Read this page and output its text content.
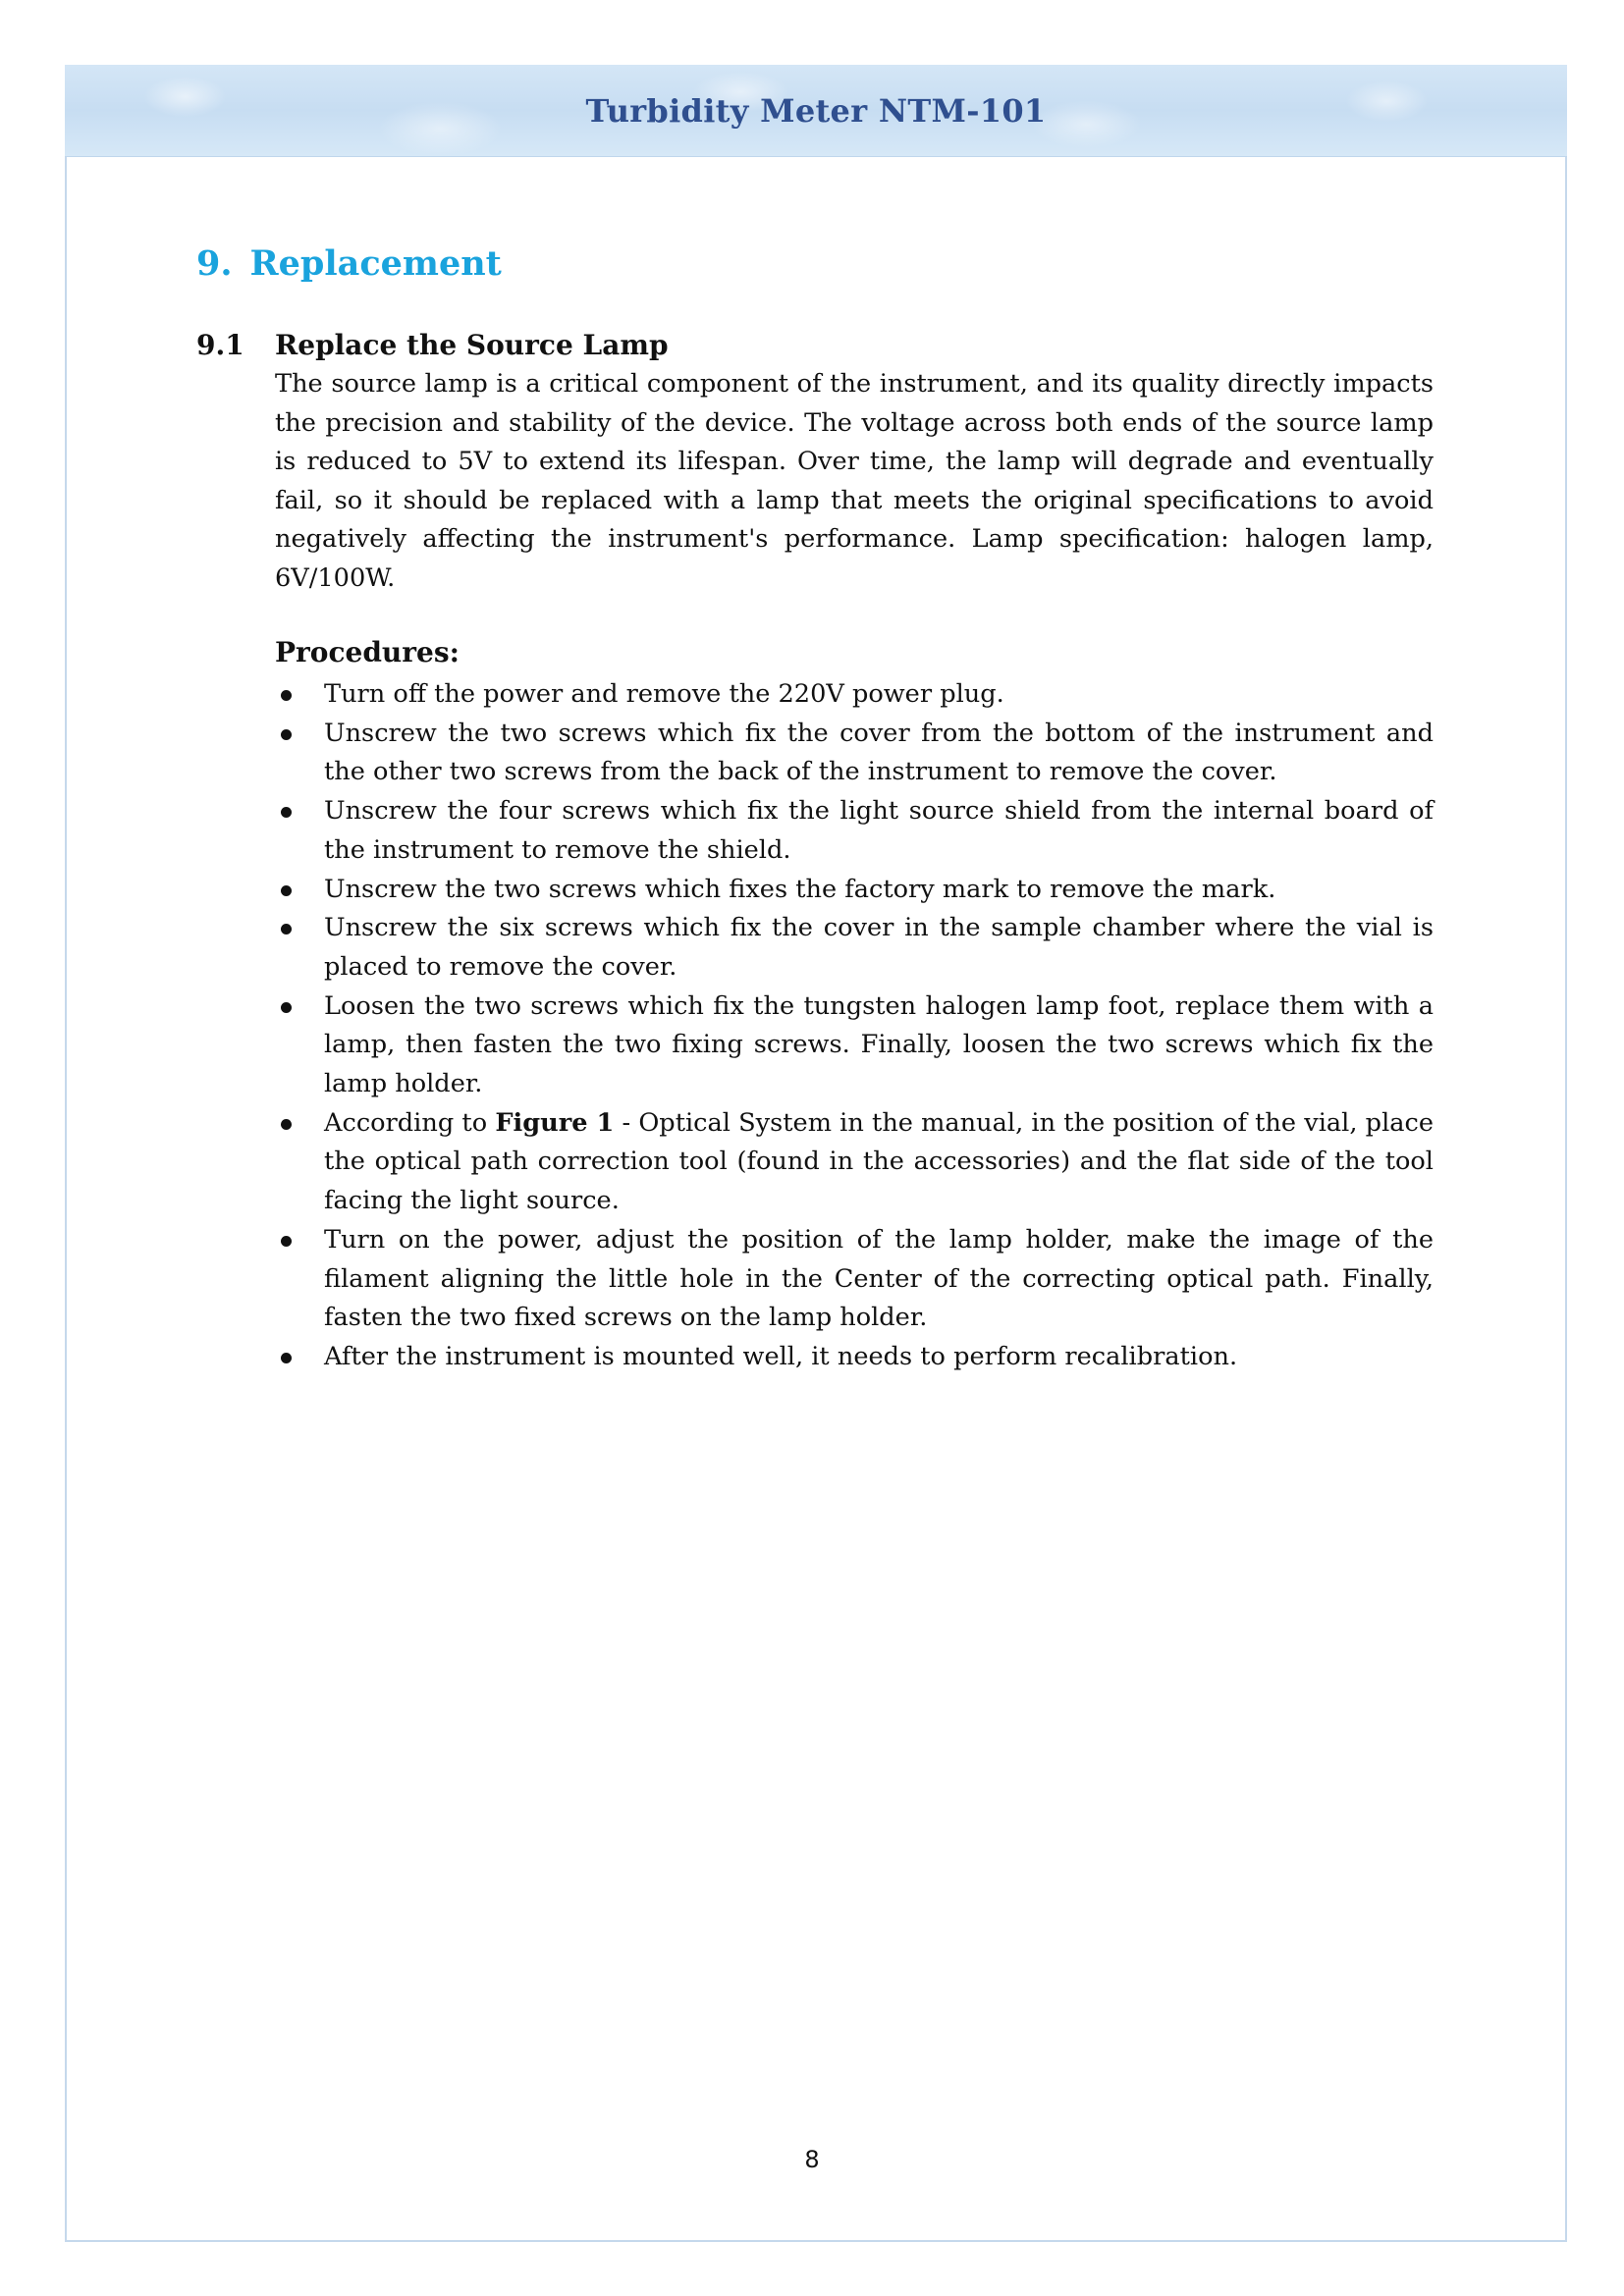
Turbidity Meter NTM-101
9. Replacement
9.1 Replace the Source Lamp

The source lamp is a critical component of the instrument, and its quality directly impacts the precision and stability of the device. The voltage across both ends of the source lamp is reduced to 5V to extend its lifespan. Over time, the lamp will degrade and eventually fail, so it should be replaced with a lamp that meets the original specifications to avoid negatively affecting the instrument's performance. Lamp specification: halogen lamp, 6V/100W.

Procedures:
Turn off the power and remove the 220V power plug.
Unscrew the two screws which fix the cover from the bottom of the instrument and the other two screws from the back of the instrument to remove the cover.
Unscrew the four screws which fix the light source shield from the internal board of the instrument to remove the shield.
Unscrew the two screws which fixes the factory mark to remove the mark.
Unscrew the six screws which fix the cover in the sample chamber where the vial is placed to remove the cover.
Loosen the two screws which fix the tungsten halogen lamp foot, replace them with a lamp, then fasten the two fixing screws. Finally, loosen the two screws which fix the lamp holder.
According to Figure 1 - Optical System in the manual, in the position of the vial, place the optical path correction tool (found in the accessories) and the flat side of the tool facing the light source.
Turn on the power, adjust the position of the lamp holder, make the image of the filament aligning the little hole in the Center of the correcting optical path. Finally, fasten the two fixed screws on the lamp holder.
After the instrument is mounted well, it needs to perform recalibration.
8
